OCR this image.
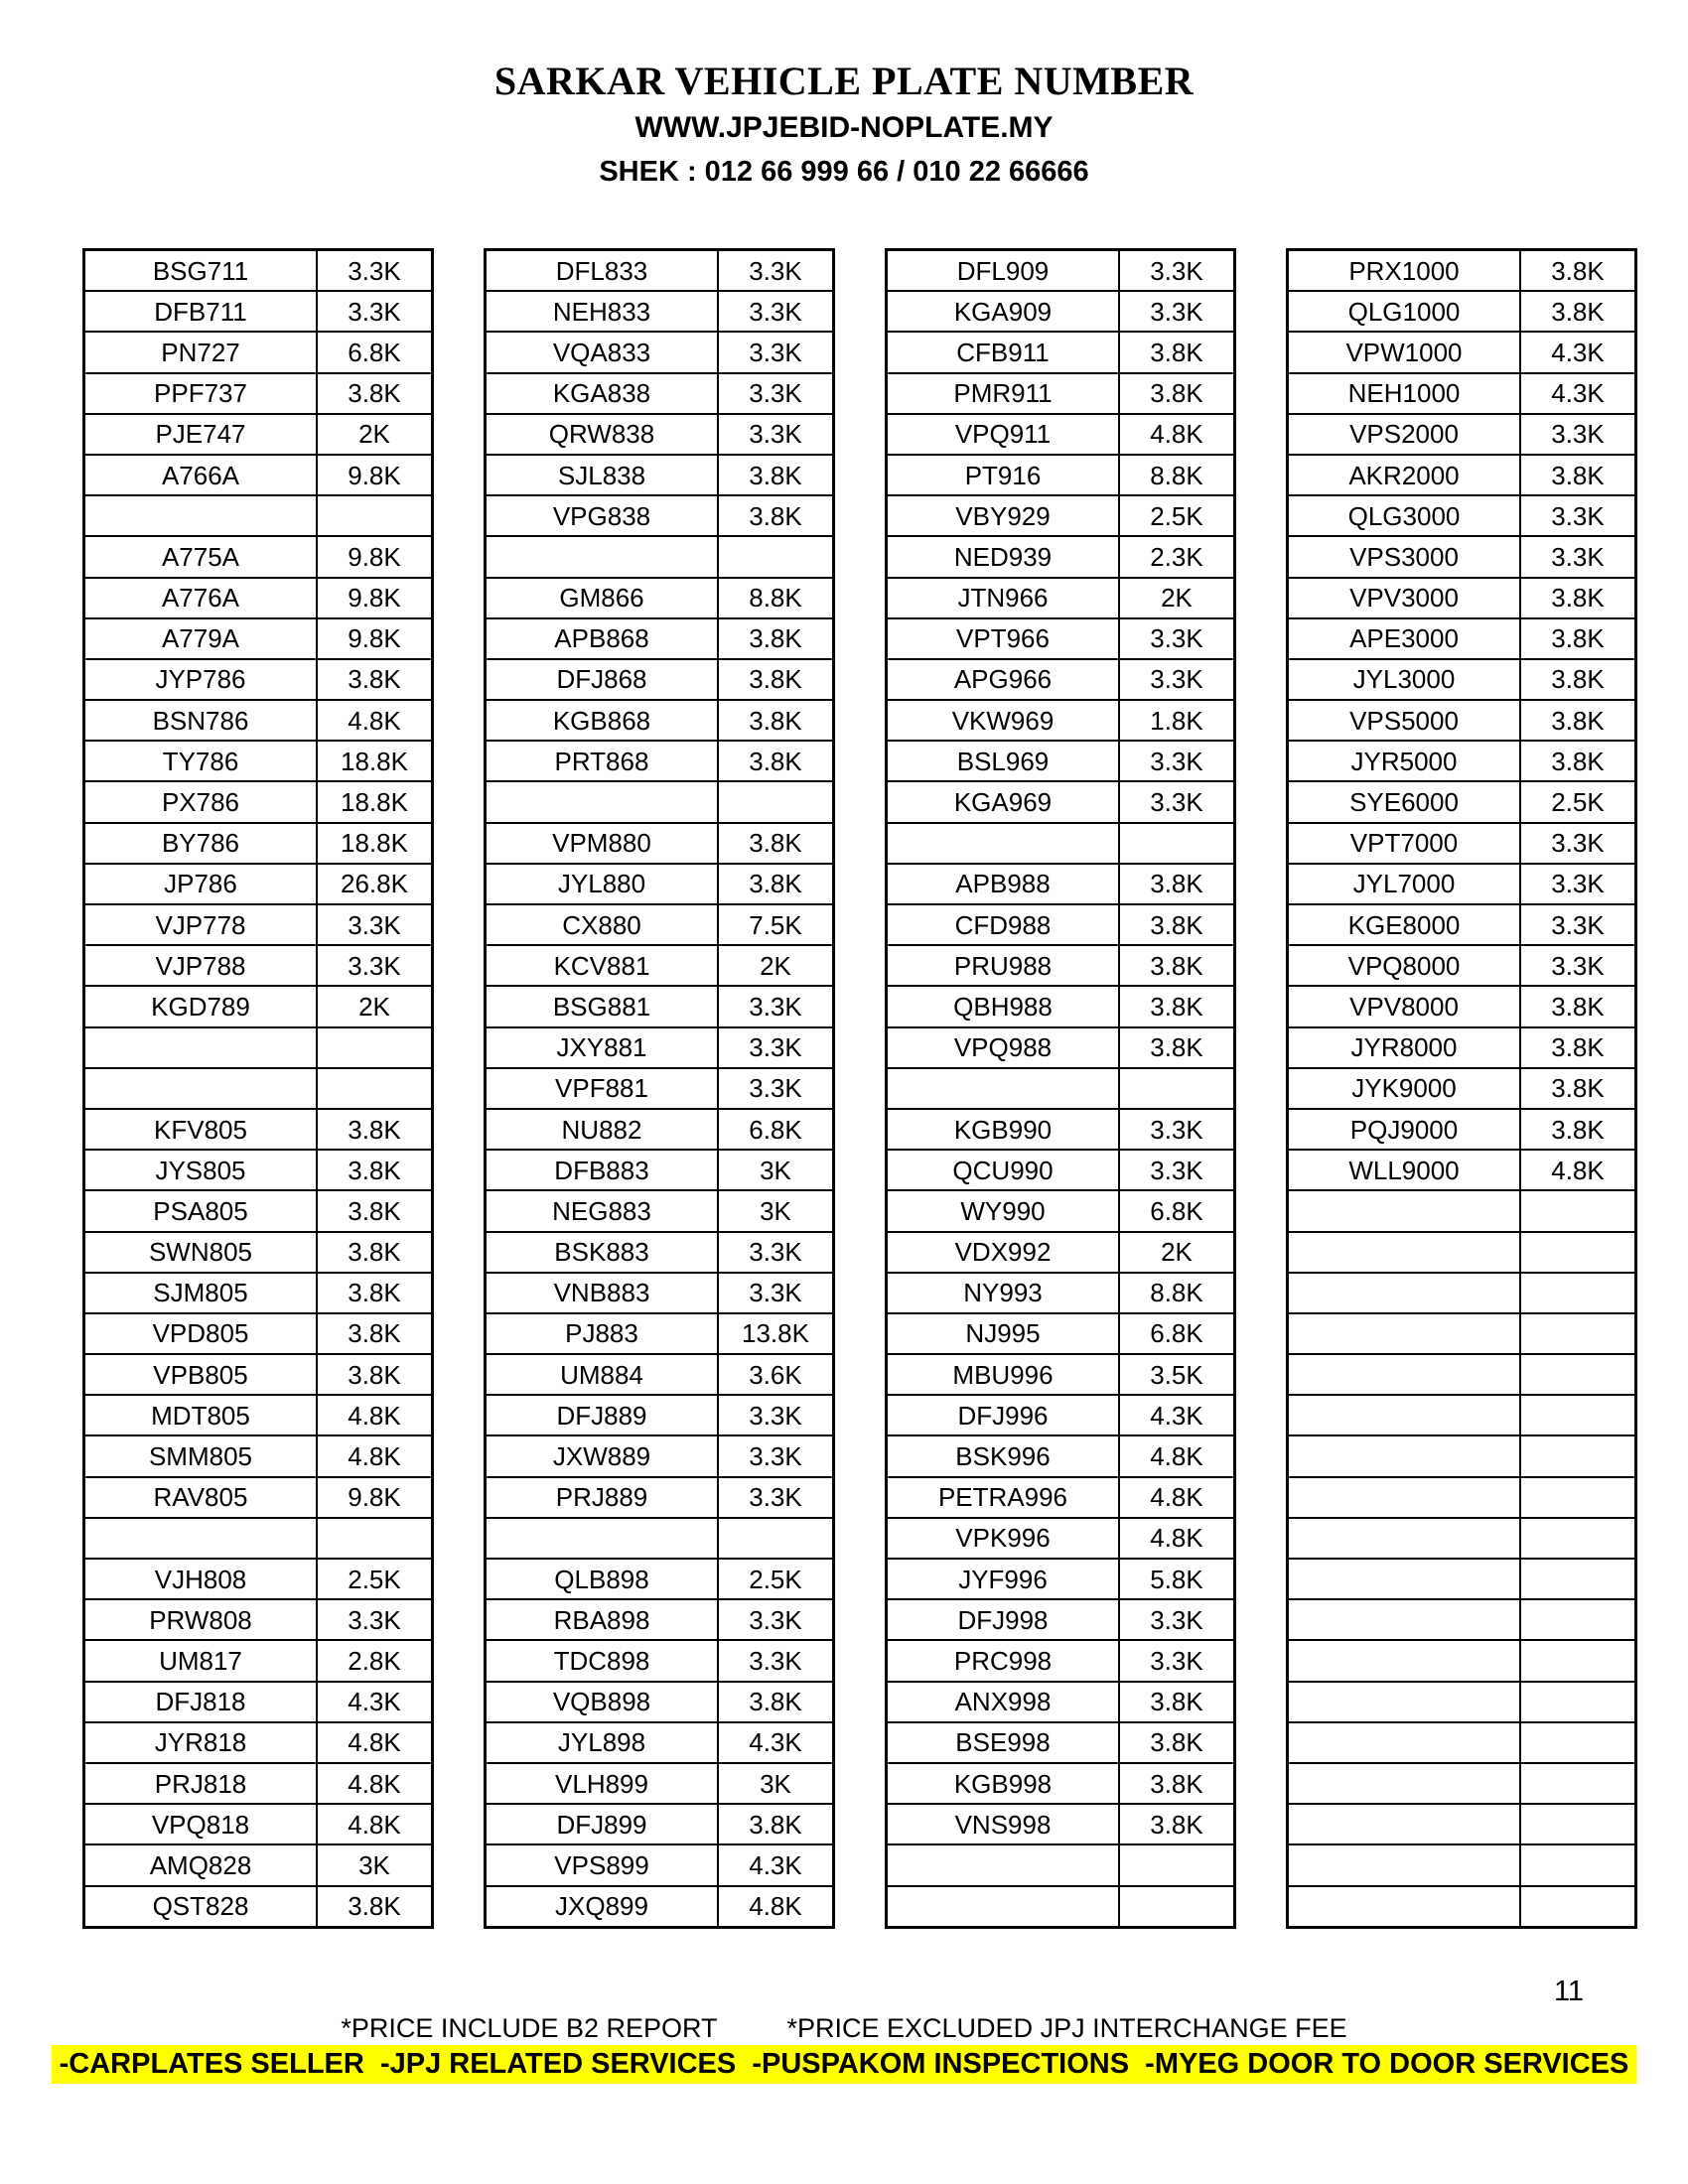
SARKAR VEHICLE PLATE NUMBER
WWW.JPJEBID-NOPLATE.MY
SHEK : 012 66 999 66 / 010 22 66666
BSG711	3.3K
DFB711	3.3K
PN727	6.8K
PPF737	3.8K
PJE747	2K
A766A	9.8K

A775A	9.8K
A776A	9.8K
A779A	9.8K
JYP786	3.8K
BSN786	4.8K
TY786	18.8K
PX786	18.8K
BY786	18.8K
JP786	26.8K
VJP778	3.3K
VJP788	3.3K
KGD789	2K

KFV805	3.8K
JYS805	3.8K
PSA805	3.8K
SWN805	3.8K
SJM805	3.8K
VPD805	3.8K
VPB805	3.8K
MDT805	4.8K
SMM805	4.8K
RAV805	9.8K

VJH808	2.5K
PRW808	3.3K
UM817	2.8K
DFJ818	4.3K
JYR818	4.8K
PRJ818	4.8K
VPQ818	4.8K
AMQ828	3K
QST828	3.8K
DFL833	3.3K
NEH833	3.3K
VQA833	3.3K
KGA838	3.3K
QRW838	3.3K
SJL838	3.8K
VPG838	3.8K

GM866	8.8K
APB868	3.8K
DFJ868	3.8K
KGB868	3.8K
PRT868	3.8K

VPM880	3.8K
JYL880	3.8K
CX880	7.5K
KCV881	2K
BSG881	3.3K
JXY881	3.3K
VPF881	3.3K
NU882	6.8K
DFB883	3K
NEG883	3K
BSK883	3.3K
VNB883	3.3K
PJ883	13.8K
UM884	3.6K
DFJ889	3.3K
JXW889	3.3K
PRJ889	3.3K

QLB898	2.5K
RBA898	3.3K
TDC898	3.3K
VQB898	3.8K
JYL898	4.3K
VLH899	3K
DFJ899	3.8K
VPS899	4.3K
JXQ899	4.8K
DFL909	3.3K
KGA909	3.3K
CFB911	3.8K
PMR911	3.8K
VPQ911	4.8K
PT916	8.8K
VBY929	2.5K
NED939	2.3K
JTN966	2K
VPT966	3.3K
APG966	3.3K
VKW969	1.8K
BSL969	3.3K
KGA969	3.3K

APB988	3.8K
CFD988	3.8K
PRU988	3.8K
QBH988	3.8K
VPQ988	3.8K

KGB990	3.3K
QCU990	3.3K
WY990	6.8K
VDX992	2K
NY993	8.8K
NJ995	6.8K
MBU996	3.5K
DFJ996	4.3K
BSK996	4.8K
PETRA996	4.8K
VPK996	4.8K
JYF996	5.8K
DFJ998	3.3K
PRC998	3.3K
ANX998	3.8K
BSE998	3.8K
KGB998	3.8K
VNS998	3.8K

PRX1000	3.8K
QLG1000	3.8K
VPW1000	4.3K
NEH1000	4.3K
VPS2000	3.3K
AKR2000	3.8K
QLG3000	3.3K
VPS3000	3.3K
VPV3000	3.8K
APE3000	3.8K
JYL3000	3.8K
VPS5000	3.8K
JYR5000	3.8K
SYE6000	2.5K
VPT7000	3.3K
JYL7000	3.3K
KGE8000	3.3K
VPQ8000	3.3K
VPV8000	3.8K
JYR8000	3.8K
JYK9000	3.8K
PQJ9000	3.8K
WLL9000	4.8K

*PRICE INCLUDE B2 REPORT	*PRICE EXCLUDED JPJ INTERCHANGE FEE
-CARPLATES SELLER  -JPJ RELATED SERVICES  -PUSPAKOM INSPECTIONS  -MYEG DOOR TO DOOR SERVICES
11
